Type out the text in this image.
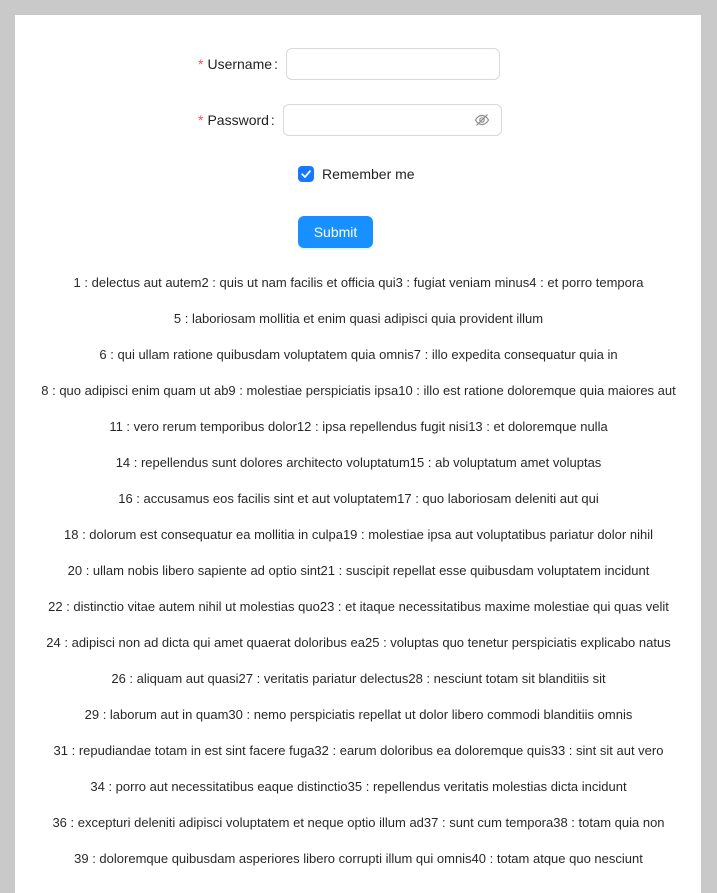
* Username :
* Password :
Remember me
Submit
1 : delectus aut autem2 : quis ut nam facilis et officia qui3 : fugiat veniam minus4 : et porro tempora
5 : laboriosam mollitia et enim quasi adipisci quia provident illum
6 : qui ullam ratione quibusdam voluptatem quia omnis7 : illo expedita consequatur quia in
8 : quo adipisci enim quam ut ab9 : molestiae perspiciatis ipsa10 : illo est ratione doloremque quia maiores aut
11 : vero rerum temporibus dolor12 : ipsa repellendus fugit nisi13 : et doloremque nulla
14 : repellendus sunt dolores architecto voluptatum15 : ab voluptatum amet voluptas
16 : accusamus eos facilis sint et aut voluptatem17 : quo laboriosam deleniti aut qui
18 : dolorum est consequatur ea mollitia in culpa19 : molestiae ipsa aut voluptatibus pariatur dolor nihil
20 : ullam nobis libero sapiente ad optio sint21 : suscipit repellat esse quibusdam voluptatem incidunt
22 : distinctio vitae autem nihil ut molestias quo23 : et itaque necessitatibus maxime molestiae qui quas velit
24 : adipisci non ad dicta qui amet quaerat doloribus ea25 : voluptas quo tenetur perspiciatis explicabo natus
26 : aliquam aut quasi27 : veritatis pariatur delectus28 : nesciunt totam sit blanditiis sit
29 : laborum aut in quam30 : nemo perspiciatis repellat ut dolor libero commodi blanditiis omnis
31 : repudiandae totam in est sint facere fuga32 : earum doloribus ea doloremque quis33 : sint sit aut vero
34 : porro aut necessitatibus eaque distinctio35 : repellendus veritatis molestias dicta incidunt
36 : excepturi deleniti adipisci voluptatem et neque optio illum ad37 : sunt cum tempora38 : totam quia non
39 : doloremque quibusdam asperiores libero corrupti illum qui omnis40 : totam atque quo nesciunt
